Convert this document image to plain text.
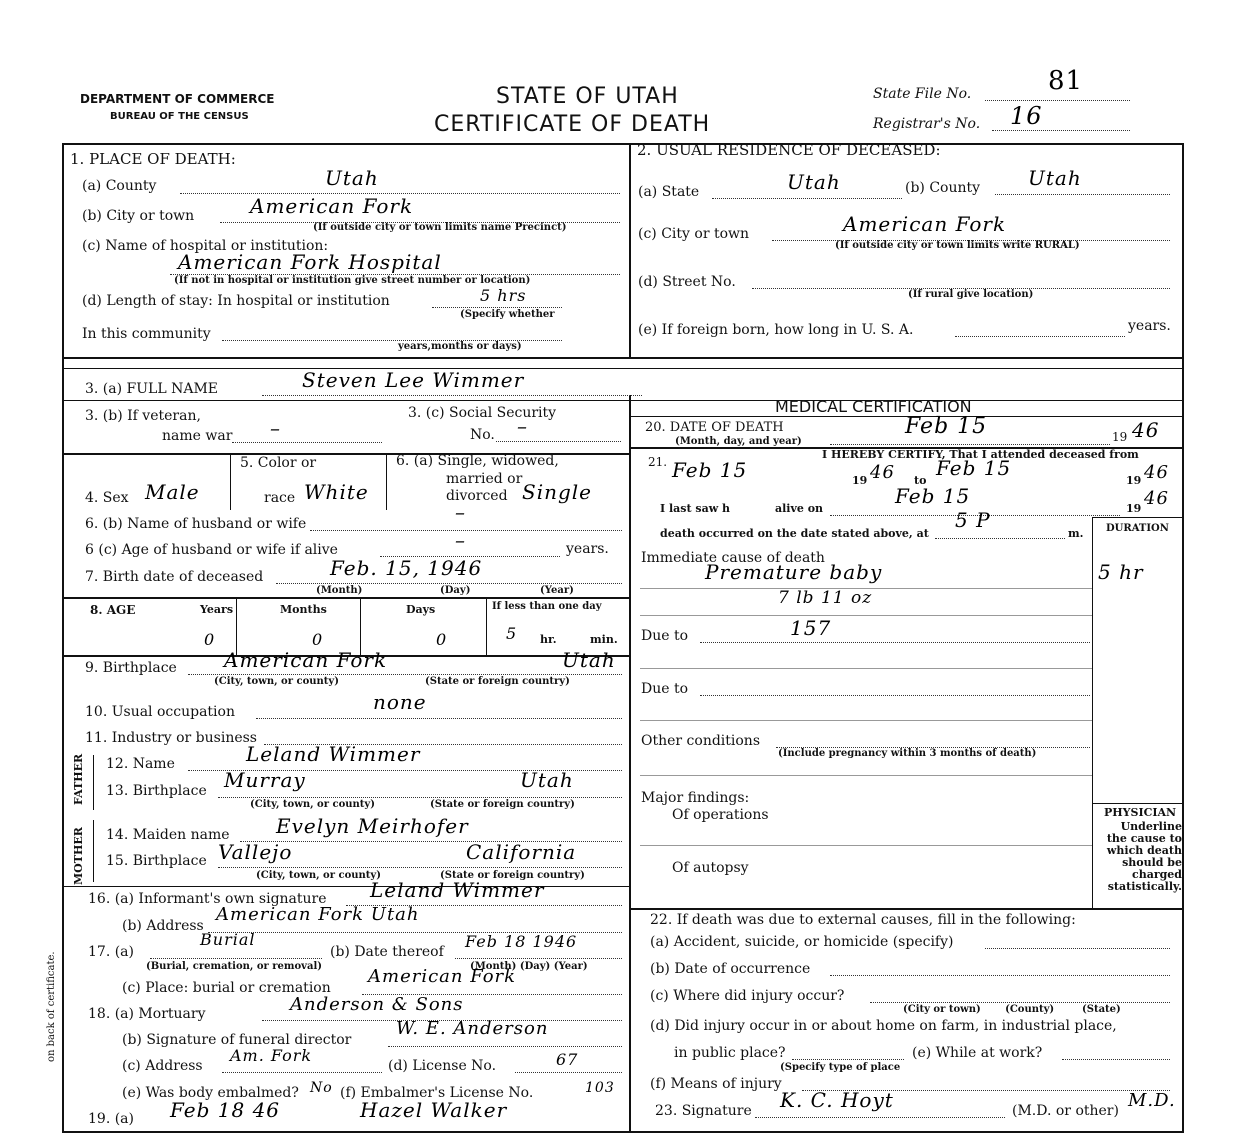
DEPARTMENT OF COMMERCE
BUREAU OF THE CENSUS
STATE OF UTAH
CERTIFICATE OF DEATH
State File No.	81
Registrar's No. 16
1. PLACE OF DEATH:
(a) County	Utah
(b) City or town	American Fork
(If outside city or town limits name Precinct)
(c) Name of hospital or institution:
American Fork Hospital
(If not in hospital or institution give street number or location)
(d) Length of stay: In hospital or institution	5 hrs
(Specify whether
In this community
years,months or days)
2. USUAL RESIDENCE OF DECEASED:
(a) State	Utah	(b) County Utah
(c) City or town	American Fork
(If outside city or town limits write RURAL)
(d) Street No.
(If rural give location)
(e) If foreign born, how long in U. S. A.	years.
3. (a) FULL NAME	Steven Lee Wimmer
3. (b) If veteran,
name war –
3. (c) Social Security
No. –
5. Color or	6. (a) Single, widowed,
married or
divorced
4. Sex Male	race White	Single
6. (b) Name of husband or wife	–
6 (c) Age of husband or wife if alive	–	years.
7. Birth date of deceased	Feb. 15, 1946
(Month)	(Day)	(Year)
8. AGE	Years	Months	Days	If less than one day
0	0	0	5 hr.	min.
9. Birthplace American Fork	Utah
(City, town, or county)	(State or foreign country)
10. Usual occupation	none
11. Industry or business
FATHER 12. Name	Leland Wimmer
13. Birthplace Murray	Utah
(City, town, or county)	(State or foreign country)
MOTHER 14. Maiden name Evelyn Meirhofer
15. Birthplace Vallejo	California
(City, town, or county)	(State or foreign country)
16. (a) Informant's own signature Leland Wimmer
(b) Address
American Fork Utah
17. (a)
Burial
(b) Date thereof
Feb 18 1946
(Burial, cremation, or removal)	(Month) (Day) (Year)
(c) Place: burial or cremation
American Fork
18. (a) Mortuary	Anderson & Sons
(b) Signature of funeral director
W. E. Anderson
(c) Address
Am. Fork
(d) License No.	67
(e) Was body embalmed? No (f) Embalmer's License No.	103
19. (a) Feb 18 46	Hazel Walker
MEDICAL CERTIFICATION
20. DATE OF DEATH
(Month, day, and year)
Feb 15	19 46
21.
I HEREBY CERTIFY, That I attended deceased from
Feb 15	19 46 to
Feb 15
19 46
I last saw h	alive on
Feb 15
19 46
death occurred on the date stated above, at
5 P
m. DURATION
Immediate cause of death
Premature baby
7 lb 11 oz
5 hr
Due to	157
Due to
Other conditions
(Include pregnancy within 3 months of death)
Major findings:
Of operations
Of autopsy
PHYSICIAN
Underline the cause to which death should be charged statistically.
22. If death was due to external causes, fill in the following:
(a) Accident, suicide, or homicide (specify)
(b) Date of occurrence
(c) Where did injury occur?
(City or town)       (County)        (State)
(d) Did injury occur in or about home on farm, in industrial place,
in public place?
(Specify type of place
(e) While at work?
(f) Means of injury
23. Signature K. C. Hoyt	(M.D. or other) M.D.
on back of certificate.
